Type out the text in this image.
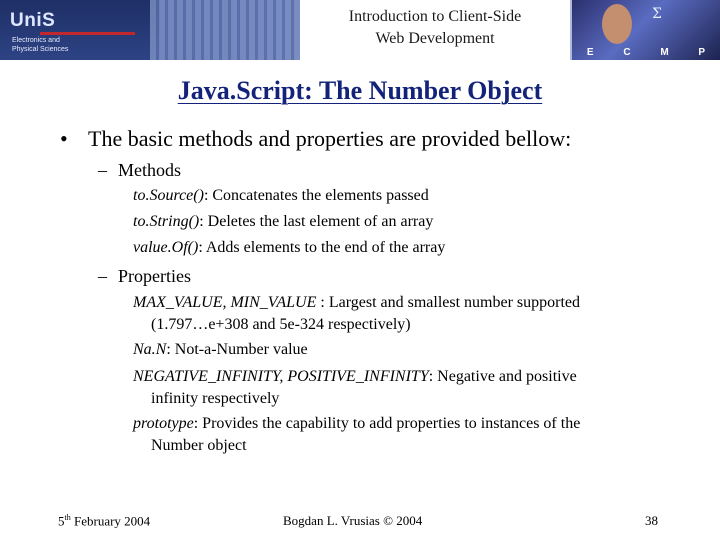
UniS
Electronics and
Physical Sciences
Introduction to Client-Side
Web Development
Σ
E	C	M	P
Java.Script: The Number Object
• The basic methods and properties are provided bellow:
– Methods
to.Source(): Concatenates the elements passed
to.String(): Deletes the last element of an array
value.Of(): Adds elements to the end of the array
– Properties
MAX_VALUE, MIN_VALUE : Largest and smallest number supported
(1.797…e+308 and 5e-324 respectively)
Na.N: Not-a-Number value
NEGATIVE_INFINITY, POSITIVE_INFINITY: Negative and positive
infinity respectively
prototype: Provides the capability to add properties to instances of the
Number object
5th February 2004	Bogdan L. Vrusias © 2004	38
